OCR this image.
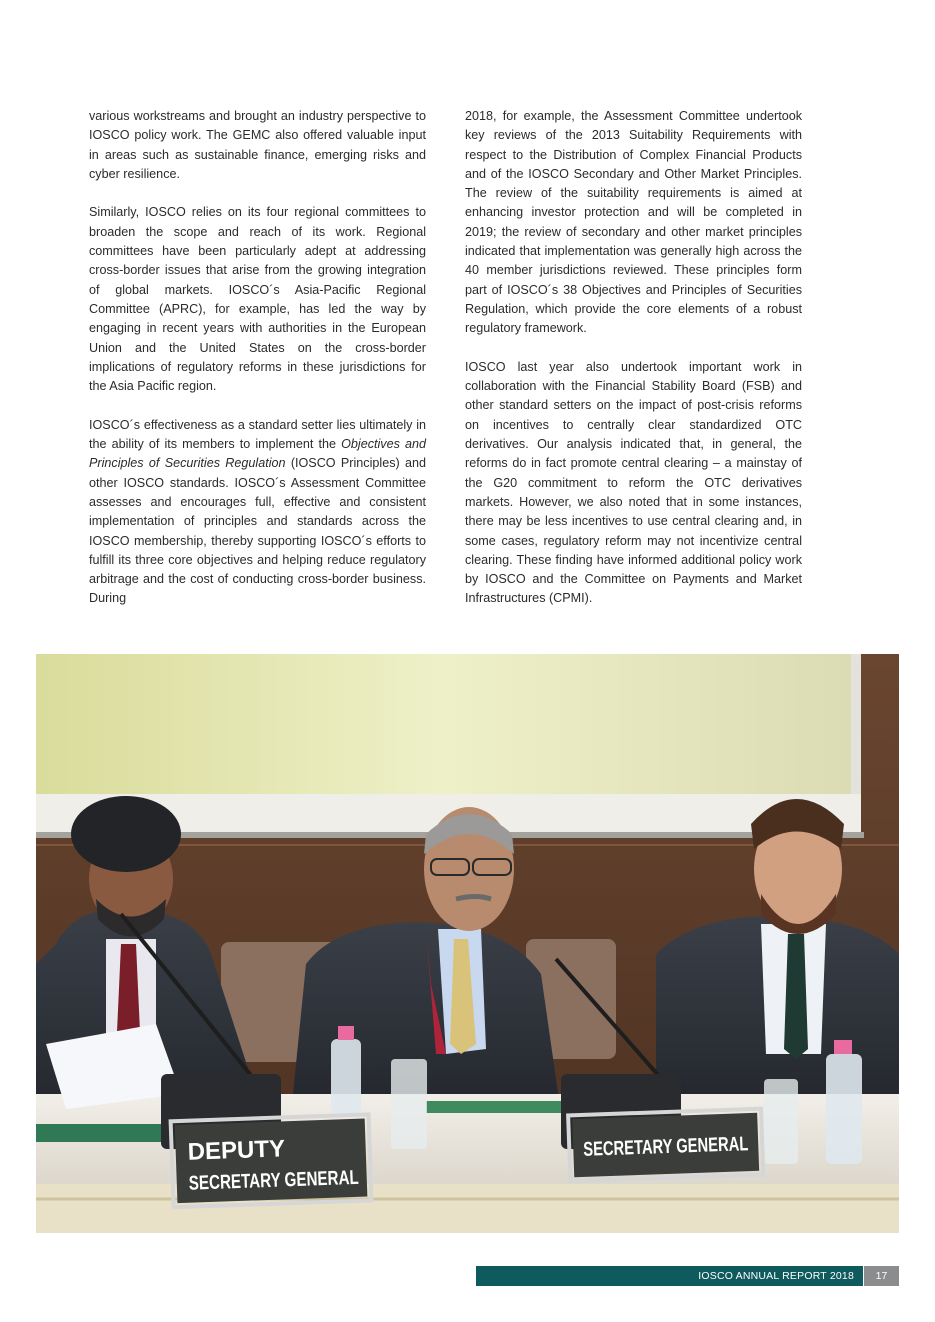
various workstreams and brought an industry perspective to IOSCO policy work. The GEMC also offered valuable input in areas such as sustainable finance, emerging risks and cyber resilience.

Similarly, IOSCO relies on its four regional committees to broaden the scope and reach of its work. Regional committees have been particularly adept at addressing cross-border issues that arise from the growing integration of global markets. IOSCO´s Asia-Pacific Regional Committee (APRC), for example, has led the way by engaging in recent years with authorities in the European Union and the United States on the cross-border implications of regulatory reforms in these jurisdictions for the Asia Pacific region.

IOSCO´s effectiveness as a standard setter lies ultimately in the ability of its members to implement the Objectives and Principles of Securities Regulation (IOSCO Principles) and other IOSCO standards. IOSCO´s Assessment Committee assesses and encourages full, effective and consistent implementation of principles and standards across the IOSCO membership, thereby supporting IOSCO´s efforts to fulfill its three core objectives and helping reduce regulatory arbitrage and the cost of conducting cross-border business. During

2018, for example, the Assessment Committee undertook key reviews of the 2013 Suitability Requirements with respect to the Distribution of Complex Financial Products and of the IOSCO Secondary and Other Market Principles. The review of the suitability requirements is aimed at enhancing investor protection and will be completed in 2019; the review of secondary and other market principles indicated that implementation was generally high across the 40 member jurisdictions reviewed. These principles form part of IOSCO´s 38 Objectives and Principles of Securities Regulation, which provide the core elements of a robust regulatory framework.

IOSCO last year also undertook important work in collaboration with the Financial Stability Board (FSB) and other standard setters on the impact of post-crisis reforms on incentives to centrally clear standardized OTC derivatives. Our analysis indicated that, in general, the reforms do in fact promote central clearing – a mainstay of the G20 commitment to reform the OTC derivatives markets. However, we also noted that in some instances, there may be less incentives to use central clearing and, in some cases, regulatory reform may not incentivize central clearing. These finding have informed additional policy work by IOSCO and the Committee on Payments and Market Infrastructures (CPMI).

DEPUTY
SECRETARY GENERAL
SECRETARY GENERAL
IOSCO ANNUAL REPORT 2018	17
